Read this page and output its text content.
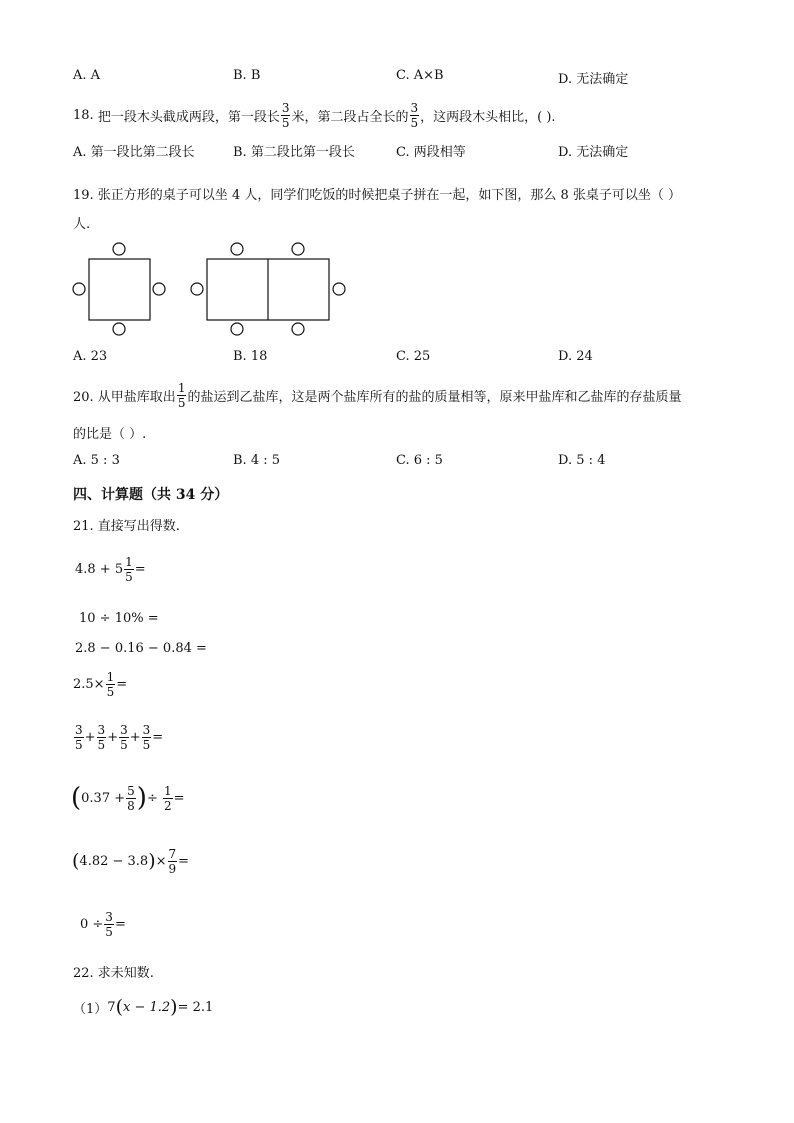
A. A	B. B	C. A×B	D. 无法确定
18.
把一段木头截成两段，第一段长 $\frac{3}{5}$ 米，第二段占全长的 $\frac{3}{5}$ ，这两段木头相比，( ).
A. 第一段比第二段长	B. 第二段比第一段长	C. 两段相等	D. 无法确定
19. 张正方形的桌子可以坐 4 人，同学们吃饭的时候把桌子拼在一起，如下图，那么 8 张桌子可以坐（ ）
人.
A. 23	B. 18	C. 25	D. 24
20. 从甲盐库取出 $\frac{1}{5}$ 的盐运到乙盐库，这是两个盐库所有的盐的质量相等，原来甲盐库和乙盐库的存盐质量
的比是（ ）.
A. 5 : 3	B. 4 : 5	C. 6 : 5	D. 5 : 4
四、计算题（共 34 分）
21. 直接写出得数.
$4.8 + 5 \frac{1}{5}$ =
10 ÷ 10% =
2.8 − 0.16 − 0.84 =
$2.5\times \frac{1}{5}$ =
$\frac{3}{5} + \frac{3}{5} + \frac{3}{5} + \frac{3}{5}$ =
( $0.37 + \frac{5}{8}$ ) ÷
$\frac{1}{2}$ =
( 4.82 − 3.8 ) × $\frac{7}{9}$ =
$0 \div \frac{3}{5}$ =
22. 求未知数.
（1） 7 ( x − 1.2 ) = 2.1
